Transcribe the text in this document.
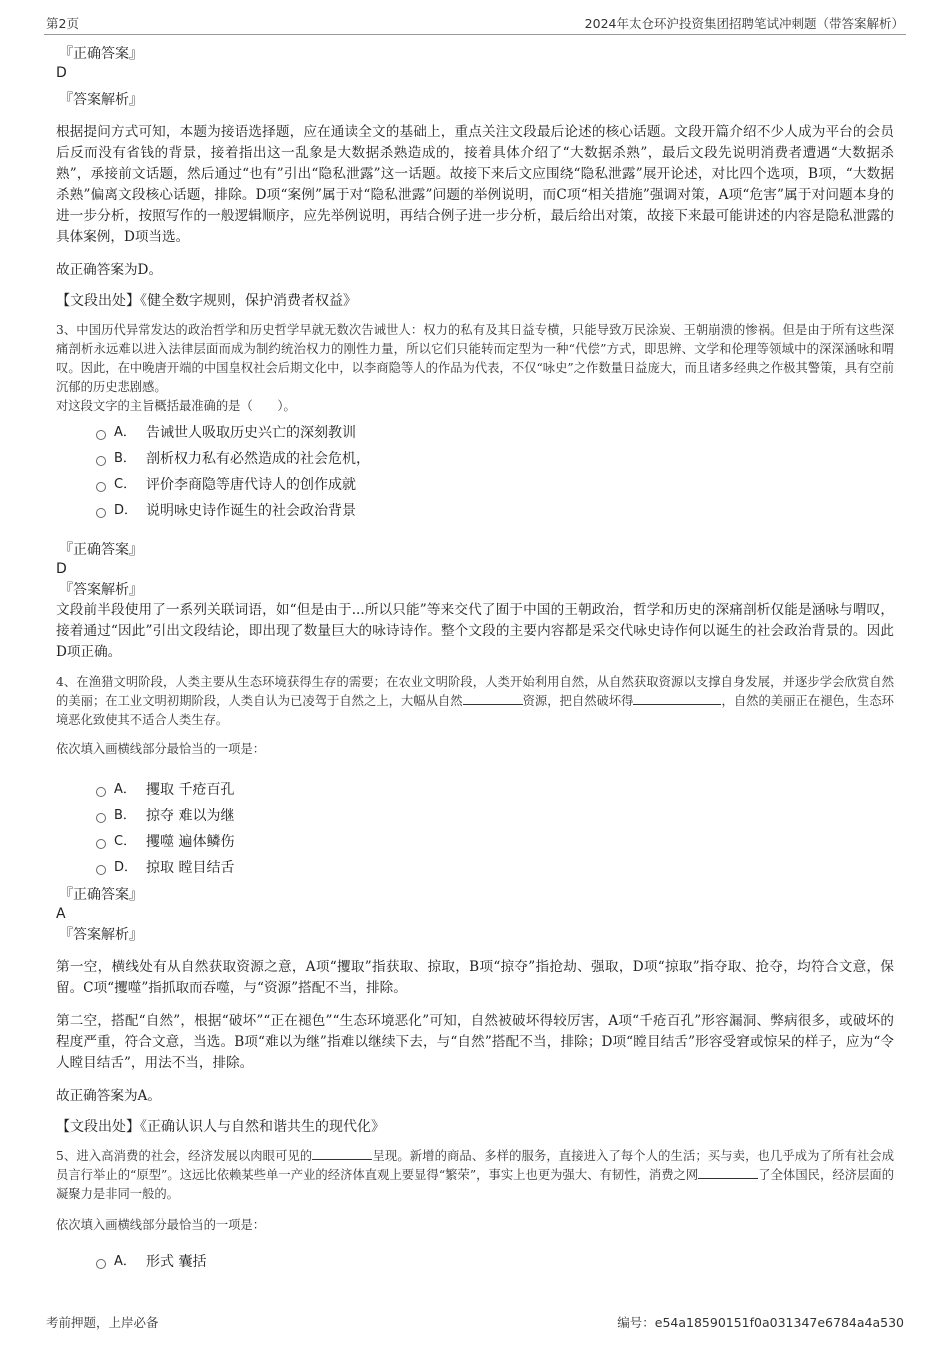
第2页	2024年太仓环沪投资集团招聘笔试冲刺题（带答案解析）
『正确答案』
D
『答案解析』

根据提问方式可知，本题为接语选择题，应在通读全文的基础上，重点关注文段最后论述的核心话题。文段开篇介绍不少人成为平台的会员后反而没有省钱的背景，接着指出这一乱象是大数据杀熟造成的，接着具体介绍了“大数据杀熟”，最后文段先说明消费者遭遇“大数据杀熟”，承接前文话题，然后通过“也有”引出“隐私泄露”这一话题。故接下来后文应围绕“隐私泄露”展开论述，对比四个选项，B项，“大数据杀熟”偏离文段核心话题，排除。D项“案例”属于对“隐私泄露”问题的举例说明，而C项“相关措施”强调对策，A项“危害”属于对问题本身的进一步分析，按照写作的一般逻辑顺序，应先举例说明，再结合例子进一步分析，最后给出对策，故接下来最可能讲述的内容是隐私泄露的具体案例，D项当选。

故正确答案为D。

【文段出处】《健全数字规则，保护消费者权益》

3、中国历代异常发达的政治哲学和历史哲学早就无数次告诫世人：权力的私有及其日益专横，只能导致万民涂炭、王朝崩溃的惨祸。但是由于所有这些深痛剖析永远难以进入法律层面而成为制约统治权力的刚性力量，所以它们只能转而定型为一种“代偿”方式，即思辨、文学和伦理等领域中的深深涵咏和喟叹。因此，在中晚唐开端的中国皇权社会后期文化中，以李商隐等人的作品为代表，不仅“咏史”之作数量日益庞大，而且诸多经典之作极其警策，具有空前沉郁的历史悲剧感。

对这段文字的主旨概括最准确的是（　　）。

A． 告诫世人吸取历史兴亡的深刻教训
B． 剖析权力私有必然造成的社会危机，
C． 评价李商隐等唐代诗人的创作成就
D． 说明咏史诗作诞生的社会政治背景
『正确答案』
D
『答案解析』

文段前半段使用了一系列关联词语，如“但是由于...所以只能”等来交代了囿于中国的王朝政治，哲学和历史的深痛剖析仅能是涵咏与喟叹，接着通过“因此”引出文段结论，即出现了数量巨大的咏诗诗作。整个文段的主要内容都是采交代咏史诗作何以诞生的社会政治背景的。因此D项正确。

4、在渔猎文明阶段，人类主要从生态环境获得生存的需要；在农业文明阶段，人类开始利用自然，从自然获取资源以支撑自身发展，并逐步学会欣赏自然的美丽；在工业文明初期阶段，人类自认为已凌驾于自然之上，大幅从自然	资源，把自然破坏得	，自然的美丽正在褪色，生态环境恶化致使其不适合人类生存。

依次填入画横线部分最恰当的一项是：

A． 攫取 千疮百孔
B． 掠夺 难以为继
C． 攫噬 遍体鳞伤
D． 掠取 瞠目结舌
『正确答案』
A
『答案解析』

第一空，横线处有从自然获取资源之意，A项“攫取”指获取、掠取，B项“掠夺”指抢劫、强取，D项“掠取”指夺取、抢夺，均符合文意，保留。C项“攫噬”指抓取而吞噬，与“资源”搭配不当，排除。

第二空，搭配“自然”，根据“破坏”“正在褪色”“生态环境恶化”可知，自然被破坏得较厉害，A项“千疮百孔”形容漏洞、弊病很多，或破坏的程度严重，符合文意，当选。B项“难以为继”指难以继续下去，与“自然”搭配不当，排除；D项“瞠目结舌”形容受窘或惊呆的样子，应为“令人瞠目结舌”，用法不当，排除。

故正确答案为A。

【文段出处】《正确认识人与自然和谐共生的现代化》

5、进入高消费的社会，经济发展以肉眼可见的	呈现。新增的商品、多样的服务，直接进入了每个人的生活；买与卖，也几乎成为了所有社会成员言行举止的“原型”。这远比依赖某些单一产业的经济体直观上要显得“繁荣”，事实上也更为强大、有韧性，消费之网	了全体国民，经济层面的凝聚力是非同一般的。

依次填入画横线部分最恰当的一项是：

A． 形式 囊括
考前押题，上岸必备	编号：e54a18590151f0a031347e6784a4a530
